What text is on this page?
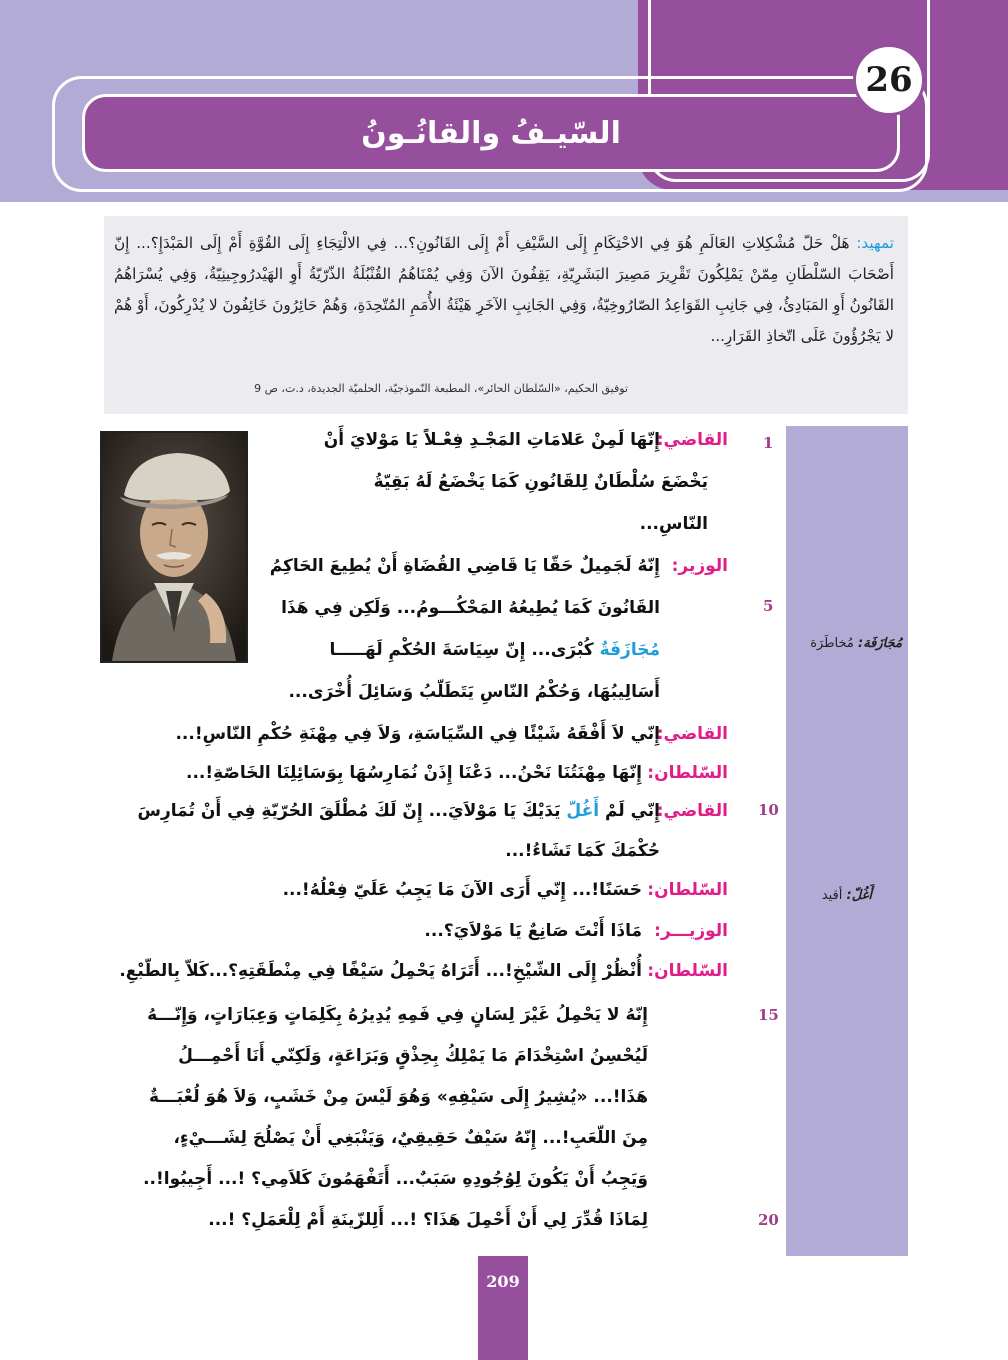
السّيـفُ والقانُـونُ
26

تمهيد: هَلْ حَلّ مُشْكِلاتِ العَالَمِ هُوَ فِي الاحْتِكَامِ إِلَى السَّيْفِ أَمْ إِلَى القَانُونِ؟... فِي الالْتِجَاءِ إِلَى القُوَّةِ أَمْ إِلَى المَبْدَإِ؟... إِنّ أَصْحَابَ السّلْطَانِ مِمّنْ يَمْلِكُونَ تَقْرِيرَ مَصِيرَ البَشَرِيّةِ، يَقِفُونَ الآنَ وَفِي يُمْنَاهُمُ القُنْبُلَةُ الذّرّيّةُ أَوِ الهَيْدرُوجِينِيّةُ، وَفِي يُسْرَاهُمُ القَانُونُ أَوِ المَبَادِئُ، فِي جَانِبِ القَوَاعِدُ الصّارُوخِيّةُ، وَفِي الجَانِبِ الآخَرِ هَيْئَةُ الأُمَمِ المُتّحِدَةِ، وَهُمْ حَائِرُونَ خَائِفُونَ لا يُدْرِكُونَ، أَوْ هُمْ لا يَجْرُؤُونَ عَلَى اتّخاذِ القَرَارِ...

توفيق الحكيم، «السّلطان الحائر»، المطبعة النّموذجيّة، الحلميّة الجديدة، د.ت، ص 9
مُجَازَفَة: مُخاطَرَة
أَغُلّ: أقيد
1
5
10
15
20
القاضي:
إِنّهَا لَمِنْ عَلامَاتِ المَجْـدِ فِعْـلاً يَا مَوْلايَ أَنْ
يَخْضَعَ سُلْطَانٌ لِلقَانُونِ كَمَا يَخْضَعُ لَهُ بَقِيّةُ
النّاسِ...
الوزير:
إِنّهُ لَجَمِيلٌ حَقّا يَا قَاضِي القُضَاةِ أَنْ يُطِيعَ الحَاكِمُ
القَانُونَ كَمَا يُطِيعُهُ المَحْكُـــومُ... وَلَكِن فِي هَذَا
مُجَازَفَةٌ كُبْرَى... إِنّ سِيَاسَةَ الحُكْمِ لَهَـــــا
أَسَالِيبُهَا، وَحُكْمُ النّاسِ يَتَطَلّبُ وَسَائِلَ أُخْرَى...
القاضي:
إِنّي لاَ أَفْقَهُ شَيْئًا فِي السِّيَاسَةِ، وَلاَ فِي مِهْنَةِ حُكْمِ النّاسِ!...
السّلطان:
إِنّهَا مِهْنَتُنَا نَحْنُ... دَعْنَا إِذَنْ نُمَارِسُهَا بِوَسَائِلِنَا الخَاصّةِ!...
القاضي:
إِنّي لَمْ أَغُلّ يَدَيْكَ يَا مَوْلاَيَ... إِنّ لَكَ مُطْلَقَ الحُرّيّةِ فِي أَنْ تُمَارِسَ
حُكْمَكَ كَمَا تَشَاءُ!...
السّلطان:
حَسَنًا!... إِنّي أَرَى الآنَ مَا يَجِبُ عَلَيّ فِعْلُهُ!...
الوزيـــر:
مَاذَا أَنْتَ صَانِعٌ يَا مَوْلاَيَ؟...
السّلطان:
أُنْظُرْ إِلَى الشّيْخِ!... أَتَرَاهُ يَحْمِلُ سَيْفًا فِي مِنْطَقَتِهِ؟...كَلاّ بِالطّبْعِ.
إِنّهُ لا يَحْمِلُ غَيْرَ لِسَانٍ فِي فَمِهِ يُدِيرُهُ بِكَلِمَاتٍ وَعِبَارَاتٍ، وَإِنّـــهُ
لَيُحْسِنُ اسْتِخْدَامَ مَا يَمْلِكُ بِحِذْقٍ وَبَرَاعَةٍ، وَلَكِنّي أَنَا أَحْمِـــلُ
هَذَا!... «يُشِيرُ إِلَى سَيْفِهِ» وَهُوَ لَيْسَ مِنْ خَشَبٍ، وَلاَ هُوَ لُعْبَـــةٌ
مِنَ اللّعَبِ!... إِنّهُ سَيْفٌ حَقِيقِيٌ، وَيَنْبَغِي أَنْ يَصْلُحَ لِشَـــيْءٍ،
وَيَجِبُ أَنْ يَكُونَ لِوُجُودِهِ سَبَبٌ... أَتَفْهَمُونَ كَلاَمِي؟ !... أَجِيبُوا!..
لِمَاذَا قُدِّرَ لِي أَنْ أَحْمِلَ هَذَا؟ !... أَلِلزّينَةِ أَمْ لِلْعَمَلِ؟ !...
209
